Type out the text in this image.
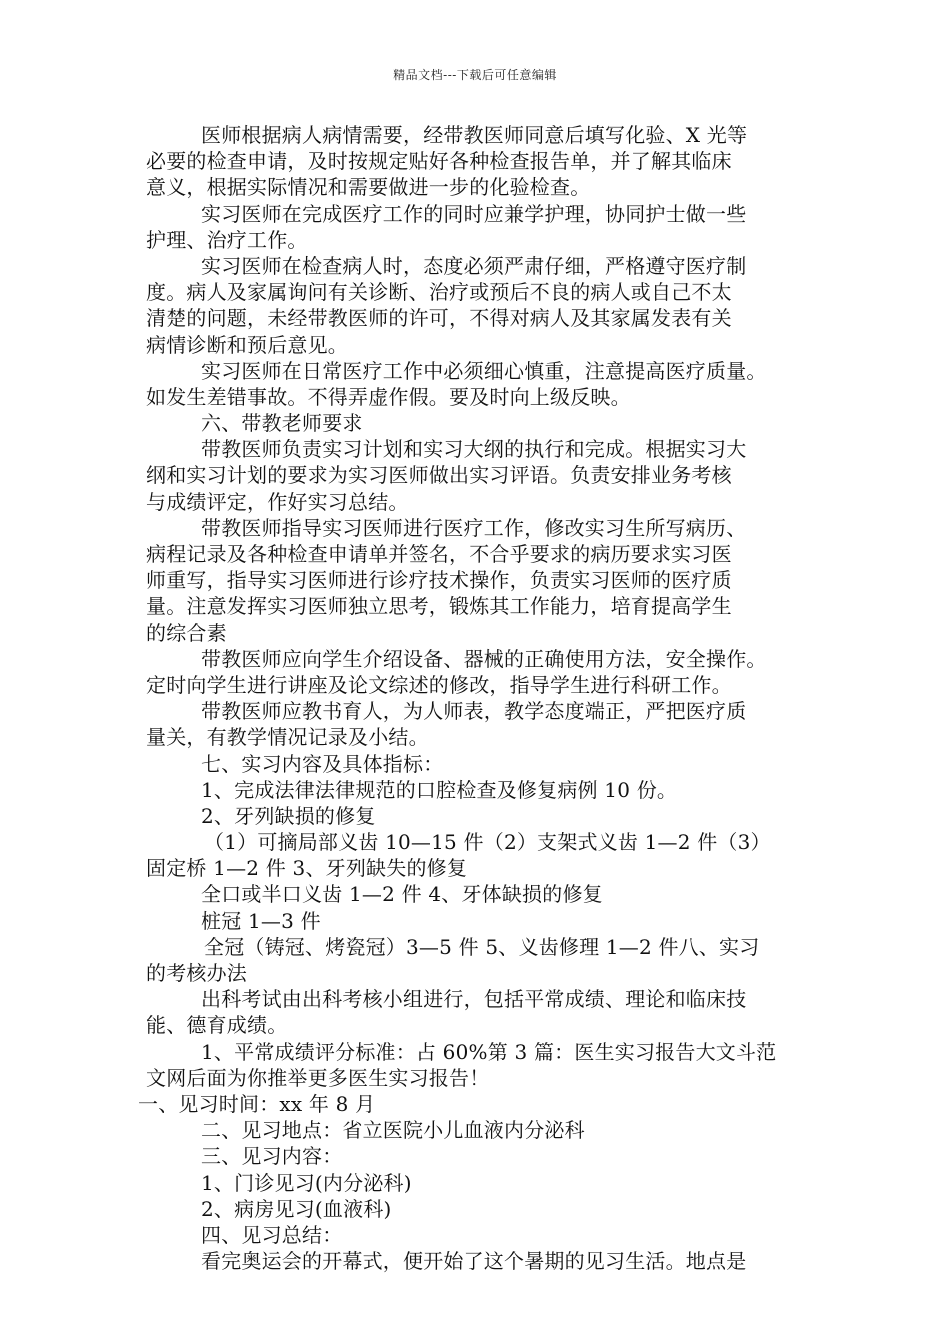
精品文档---下载后可任意编辑
医师根据病人病情需要，经带教医师同意后填写化验、X 光等
必要的检查申请，及时按规定贴好各种检查报告单，并了解其临床
意义，根据实际情况和需要做进一步的化验检查。
实习医师在完成医疗工作的同时应兼学护理，协同护士做一些
护理、治疗工作。
实习医师在检查病人时，态度必须严肃仔细，严格遵守医疗制
度。病人及家属询问有关诊断、治疗或预后不良的病人或自己不太
清楚的问题，未经带教医师的许可，不得对病人及其家属发表有关
病情诊断和预后意见。
实习医师在日常医疗工作中必须细心慎重，注意提高医疗质量。
如发生差错事故。不得弄虚作假。要及时向上级反映。
六、带教老师要求
带教医师负责实习计划和实习大纲的执行和完成。根据实习大
纲和实习计划的要求为实习医师做出实习评语。负责安排业务考核
与成绩评定，作好实习总结。
带教医师指导实习医师进行医疗工作，修改实习生所写病历、
病程记录及各种检查申请单并签名，不合乎要求的病历要求实习医
师重写，指导实习医师进行诊疗技术操作，负责实习医师的医疗质
量。注意发挥实习医师独立思考，锻炼其工作能力，培育提高学生
的综合素
带教医师应向学生介绍设备、器械的正确使用方法，安全操作。
定时向学生进行讲座及论文综述的修改，指导学生进行科研工作。
带教医师应教书育人，为人师表，教学态度端正，严把医疗质
量关，有教学情况记录及小结。
七、实习内容及具体指标：
1、完成法律法律规范的口腔检查及修复病例 10 份。
2、牙列缺损的修复
（1）可摘局部义齿 10—15 件（2）支架式义齿 1—2 件（3）
固定桥 1—2 件 3、牙列缺失的修复
全口或半口义齿 1—2 件 4、牙体缺损的修复
桩冠 1—3 件
全冠（铸冠、烤瓷冠）3—5 件 5、义齿修理 1—2 件八、实习
的考核办法
出科考试由出科考核小组进行，包括平常成绩、理论和临床技
能、德育成绩。
1、平常成绩评分标准：占 60%第 3 篇：医生实习报告大文斗范
文网后面为你推举更多医生实习报告！
一、见习时间：xx 年 8 月
二、见习地点：省立医院小儿血液内分泌科
三、见习内容：
1、门诊见习(内分泌科)
2、病房见习(血液科)
四、见习总结：
看完奥运会的开幕式，便开始了这个暑期的见习生活。地点是
